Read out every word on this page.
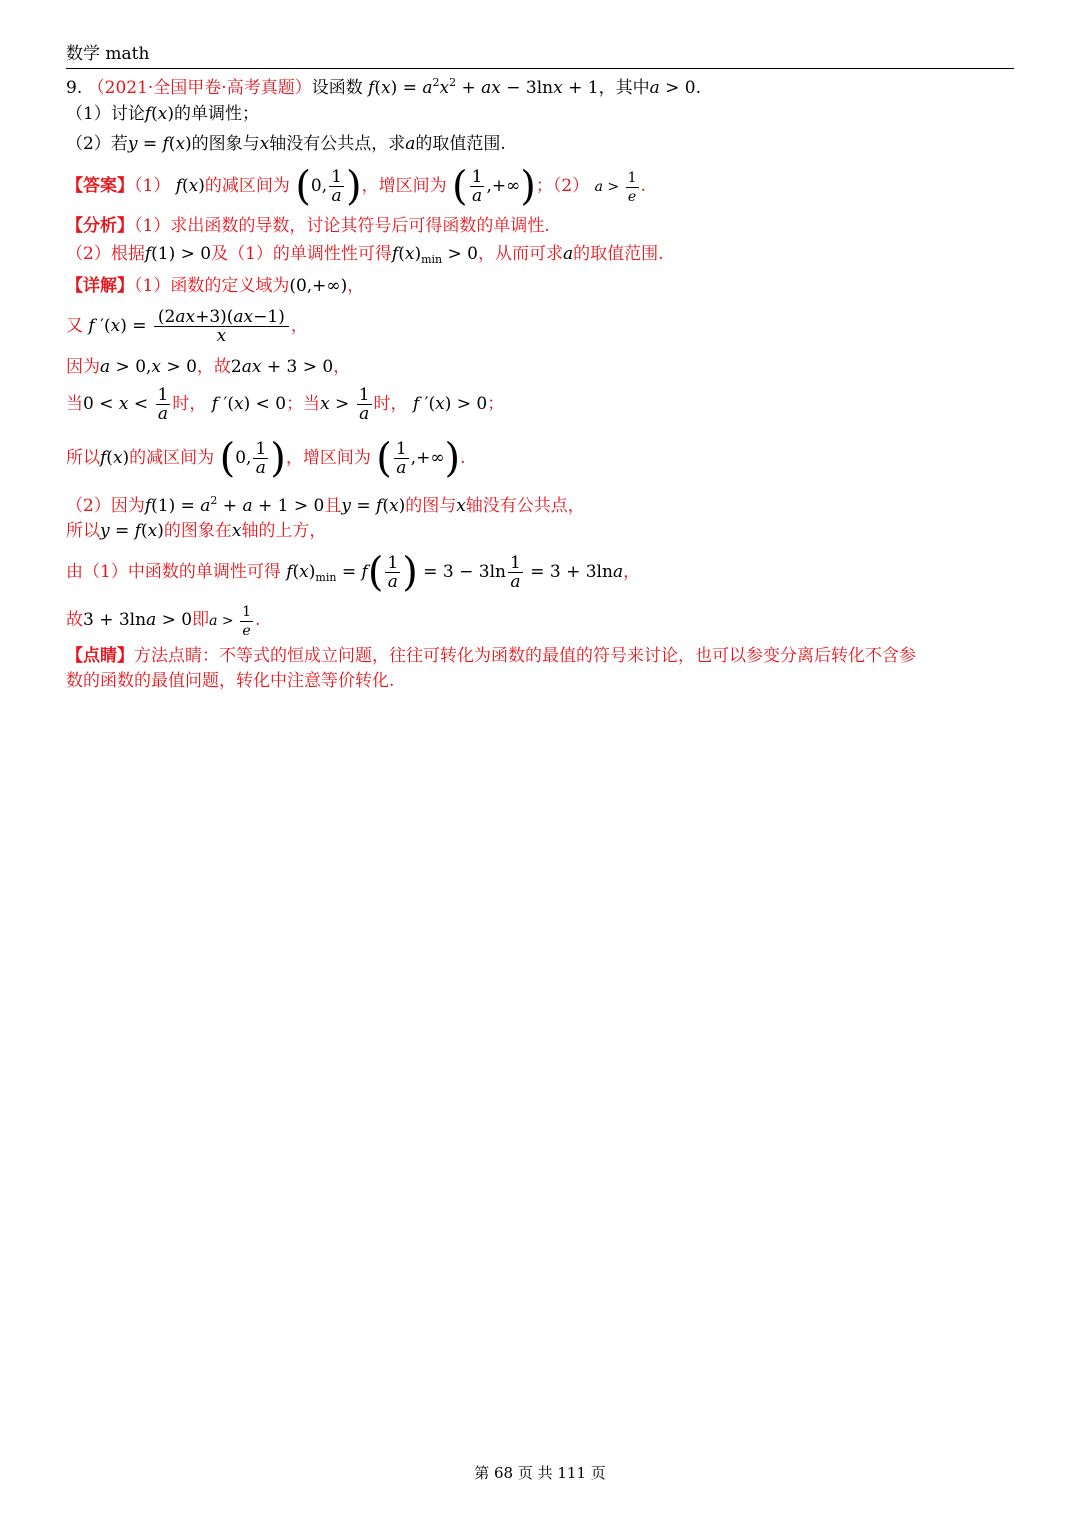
数学 math
9. （2021·全国甲卷·高考真题）设函数 $f(x) = a^2x^2$ + ax − 3lnx + 1，其中a > 0.
（1）讨论f(x)的单调性；
（2）若y = f(x)的图象与x轴没有公共点，求a的取值范围.
【答案】（1） f(x)的减区间为 (0, $\frac{1}{a}$ )，增区间为 ( $\frac{1}{a}$ ,+∞)；（2） $a > \frac{1}{e}$ .
【分析】（1）求出函数的导数，讨论其符号后可得函数的单调性.
（2）根据f(1) > 0及（1）的单调性性可得$f(x)_{min} > 0$，从而可求a的取值范围.
【详解】（1）函数的定义域为(0,+∞)，
又 f $'(x) = \frac{(2ax+3)(ax-1)}{x}$ ，
因为a > 0,x > 0，故2ax + 3 > 0，
当$0 < x < \frac{1}{a}$ 时， f ′(x) < 0；当$x > \frac{1}{a}$ 时， f ′(x) > 0；
所以f(x)的减区间为 (0, $\frac{1}{a}$ )，增区间为 ( $\frac{1}{a}$ ,+∞).
（2）因为$f(1) = a^2 + a + 1 > 0$且y = f(x)的图与x轴没有公共点，
所以y = f(x)的图象在x轴的上方，
由（1）中函数的单调性可得 $f(x)_{min} = f( \frac{1}{a}$ ) = $3 - 3\ln \frac{1}{a} = 3 + 3\ln a$，
故3 + 3lna > 0即$a > \frac{1}{e}$ .
【点睛】方法点睛：不等式的恒成立问题，往往可转化为函数的最值的符号来讨论，也可以参变分离后转化不含参
数的函数的最值问题，转化中注意等价转化.
第 68 页 共 111 页
